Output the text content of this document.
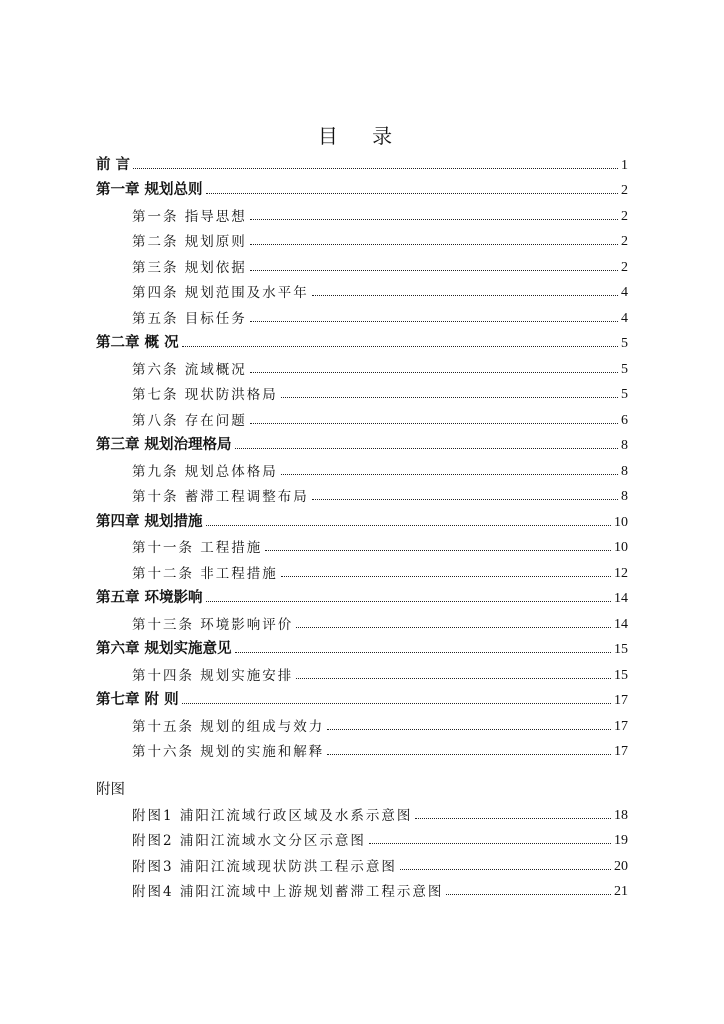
目 录
前 言	1
第一章 规划总则	2
第一条 指导思想	2
第二条 规划原则	2
第三条 规划依据	2
第四条 规划范围及水平年	4
第五条 目标任务	4
第二章 概 况	5
第六条 流域概况	5
第七条 现状防洪格局	5
第八条 存在问题	6
第三章 规划治理格局	8
第九条 规划总体格局	8
第十条 蓄滞工程调整布局	8
第四章 规划措施	10
第十一条 工程措施	10
第十二条 非工程措施	12
第五章 环境影响	14
第十三条 环境影响评价	14
第六章 规划实施意见	15
第十四条 规划实施安排	15
第七章 附 则	17
第十五条 规划的组成与效力	17
第十六条 规划的实施和解释	17
附图
附图1 浦阳江流域行政区域及水系示意图	18
附图2 浦阳江流域水文分区示意图	19
附图3 浦阳江流域现状防洪工程示意图	20
附图4 浦阳江流域中上游规划蓄滞工程示意图	21
